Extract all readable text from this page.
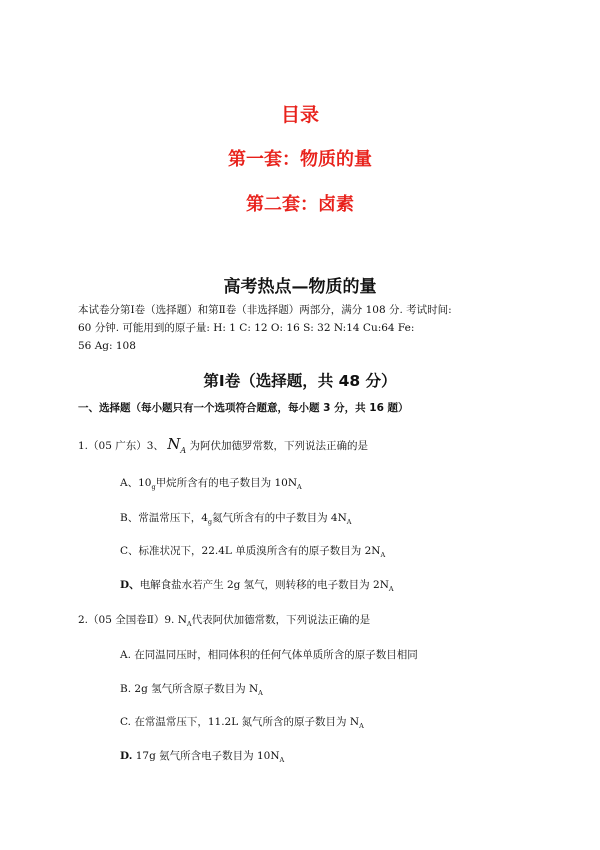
目录
第一套：物质的量
第二套：卤素
高考热点—物质的量
本试卷分第Ⅰ卷（选择题）和第Ⅱ卷（非选择题）两部分，满分 108 分. 考试时间:
60 分钟. 可能用到的原子量: H: 1 C: 12 O: 16 S: 32 N:14 Cu:64 Fe:
56 Ag: 108
第Ⅰ卷（选择题，共 48 分）
一、选择题（每小题只有一个选项符合题意，每小题 3 分，共 16 题）
1.（05 广东）3、 $N_A$ 为阿伏加德罗常数，下列说法正确的是
A、$10_g$甲烷所含有的电子数目为 $10N_A$
B、常温常压下，$4_g$氦气所含有的中子数目为 $4N_A$
C、标准状况下，22.4L 单质溴所含有的原子数目为 $2N_A$
D、电解食盐水若产生 2g 氢气，则转移的电子数目为 $2N_A$
2.（05 全国卷Ⅱ）9. $N_A$代表阿伏加德常数，下列说法正确的是
A. 在同温同压时，相同体积的任何气体单质所含的原子数目相同
B. 2g 氢气所含原子数目为 $N_A$
C. 在常温常压下，11.2L 氮气所含的原子数目为 $N_A$
D. 17g 氨气所含电子数目为 $10N_A$
